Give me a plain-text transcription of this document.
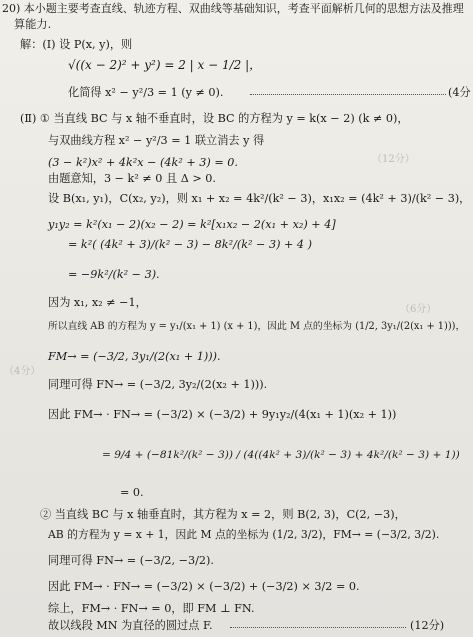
（12分）
（6分）
（4分）
20) 本小题主要考查直线、轨迹方程、双曲线等基础知识，考查平面解析几何的思想方法及推理
算能力.
解：(Ⅰ) 设 P(x, y)，则
√((x − 2)² + y²) = 2 | x − 1/2 |，
化简得 x² − y²/3 = 1 (y ≠ 0).	(4分
(Ⅱ) ① 当直线 BC 与 x 轴不垂直时，设 BC 的方程为 y = k(x − 2) (k ≠ 0)，
与双曲线方程 x² − y²/3 = 1 联立消去 y 得
(3 − k²)x² + 4k²x − (4k² + 3) = 0.
由题意知，3 − k² ≠ 0 且 Δ > 0.
设 B(x₁, y₁)，C(x₂, y₂)，则 x₁ + x₂ = 4k²/(k² − 3)，x₁x₂ = (4k² + 3)/(k² − 3)，
y₁y₂ = k²(x₁ − 2)(x₂ − 2) = k²[x₁x₂ − 2(x₁ + x₂) + 4]
= k²( (4k² + 3)/(k² − 3) − 8k²/(k² − 3) + 4 )
= −9k²/(k² − 3).
因为 x₁, x₂ ≠ −1，
所以直线 AB 的方程为 y = y₁/(x₁ + 1) (x + 1)，因此 M 点的坐标为 (1/2, 3y₁/(2(x₁ + 1)))，
FM→ = (−3/2, 3y₁/(2(x₁ + 1))).
同理可得 FN→ = (−3/2, 3y₂/(2(x₂ + 1))).
因此 FM→ · FN→ = (−3/2) × (−3/2) + 9y₁y₂/(4(x₁ + 1)(x₂ + 1))
= 9/4 + (−81k²/(k² − 3)) / (4((4k² + 3)/(k² − 3) + 4k²/(k² − 3) + 1))
= 0.
② 当直线 BC 与 x 轴垂直时，其方程为 x = 2，则 B(2, 3)，C(2, −3)，
AB 的方程为 y = x + 1，因此 M 点的坐标为 (1/2, 3/2)，FM→ = (−3/2, 3/2).
同理可得 FN→ = (−3/2, −3/2).
因此 FM→ · FN→ = (−3/2) × (−3/2) + (−3/2) × 3/2 = 0.
综上，FM→ · FN→ = 0，即 FM ⊥ FN.
故以线段 MN 为直径的圆过点 F.	(12分)
